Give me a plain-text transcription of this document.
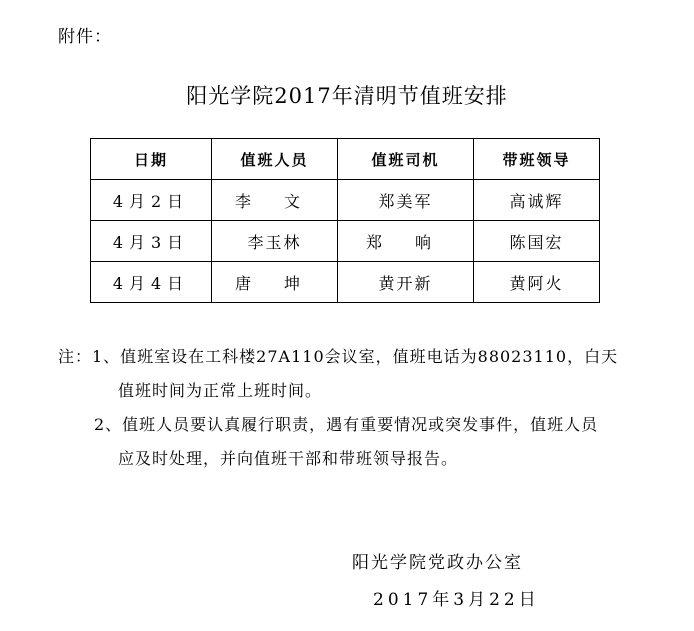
附件：
阳光学院2017年清明节值班安排
日期	值班人员	值班司机	带班领导
4月2日	李 文	郑美军	高诚辉
4月3日	李玉林	郑 响	陈国宏
4月4日	唐 坤	黄开新	黄阿火
注：1、值班室设在工科楼27A110会议室，值班电话为88023110，白天
值班时间为正常上班时间。
2、值班人员要认真履行职责，遇有重要情况或突发事件，值班人员
应及时处理，并向值班干部和带班领导报告。
阳光学院党政办公室
2017年3月22日
